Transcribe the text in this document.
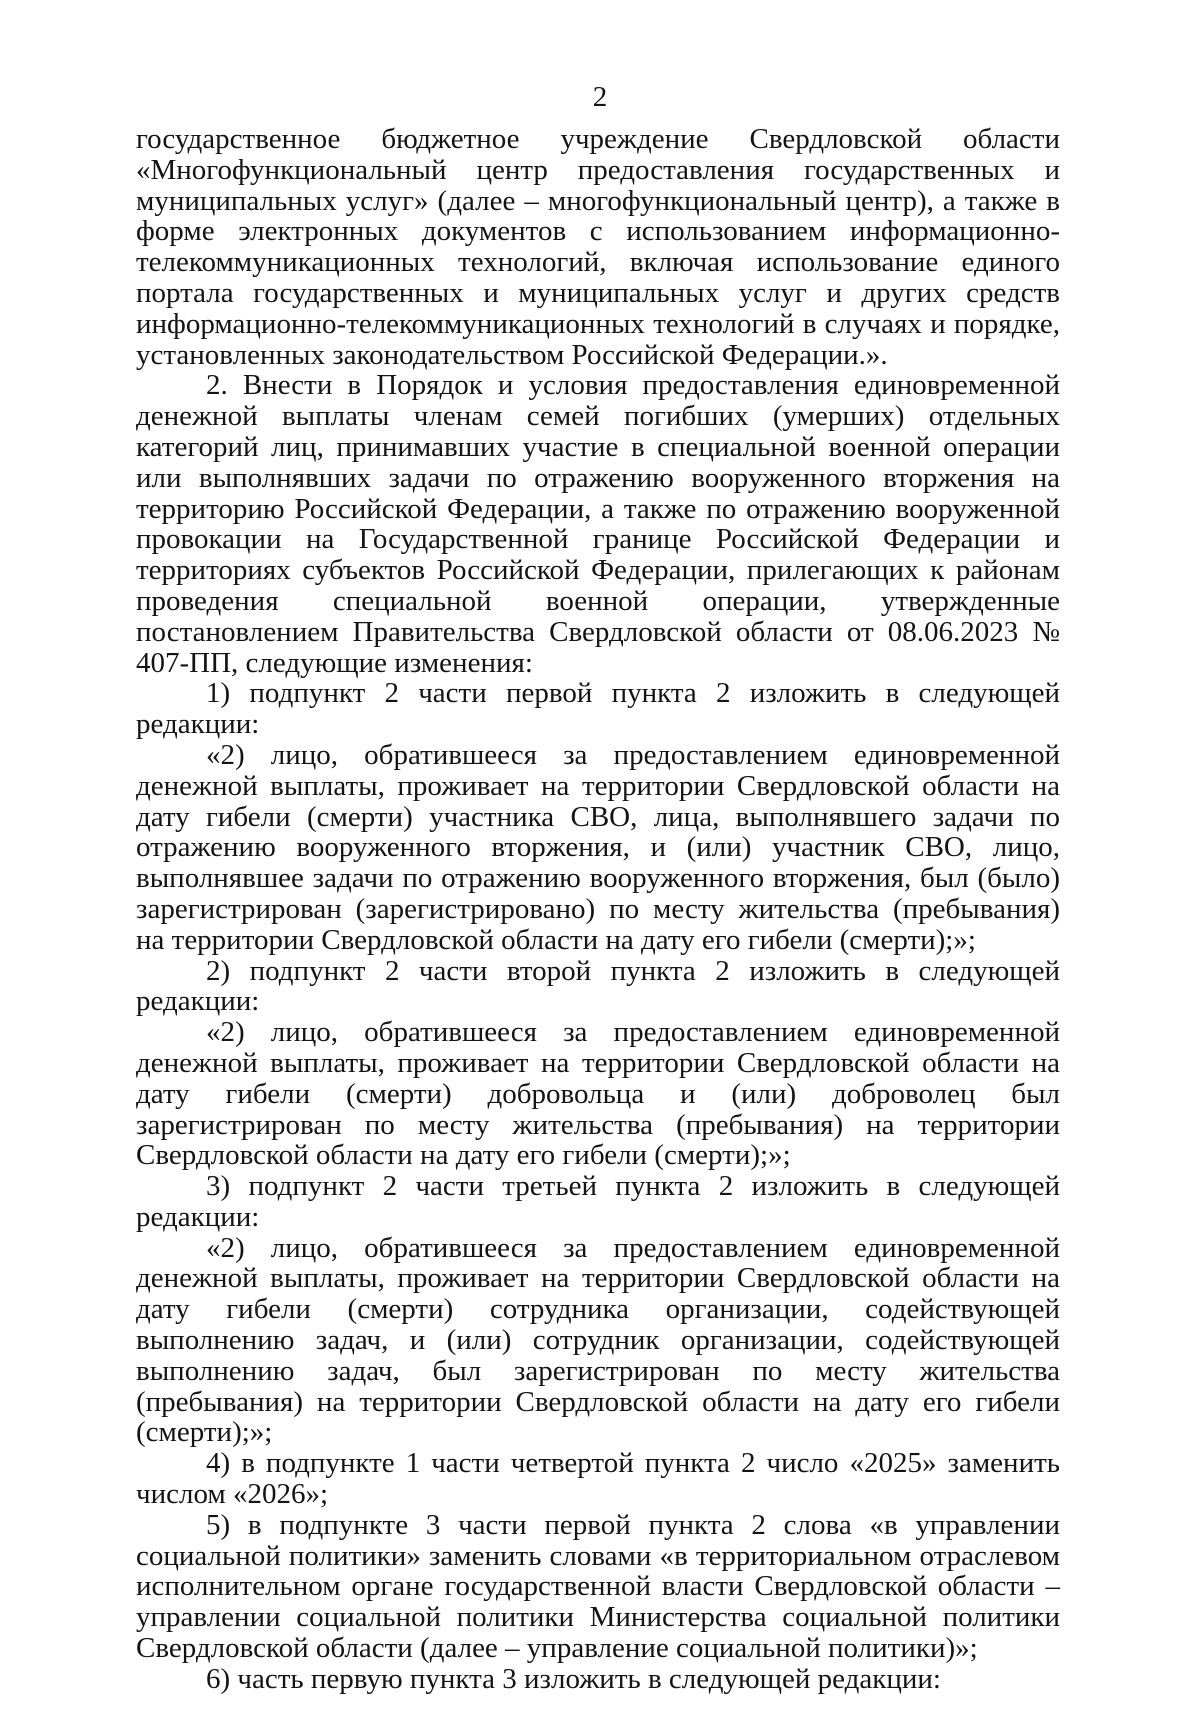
2

государственное бюджетное учреждение Свердловской области «Многофункциональный центр предоставления государственных и муниципальных услуг» (далее – многофункциональный центр), а также в форме электронных документов с использованием информационно-телекоммуникационных технологий, включая использование единого портала государственных и муниципальных услуг и других средств информационно-телекоммуникационных технологий в случаях и порядке, установленных законодательством Российской Федерации.».

2. Внести в Порядок и условия предоставления единовременной денежной выплаты членам семей погибших (умерших) отдельных категорий лиц, принимавших участие в специальной военной операции или выполнявших задачи по отражению вооруженного вторжения на территорию Российской Федерации, а также по отражению вооруженной провокации на Государственной границе Российской Федерации и территориях субъектов Российской Федерации, прилегающих к районам проведения специальной военной операции, утвержденные постановлением Правительства Свердловской области от 08.06.2023 № 407-ПП, следующие изменения:

1) подпункт 2 части первой пункта 2 изложить в следующей редакции:

«2) лицо, обратившееся за предоставлением единовременной денежной выплаты, проживает на территории Свердловской области на дату гибели (смерти) участника СВО, лица, выполнявшего задачи по отражению вооруженного вторжения, и (или) участник СВО, лицо, выполнявшее задачи по отражению вооруженного вторжения, был (было) зарегистрирован (зарегистрировано) по месту жительства (пребывания) на территории Свердловской области на дату его гибели (смерти);»;

2) подпункт 2 части второй пункта 2 изложить в следующей редакции:

«2) лицо, обратившееся за предоставлением единовременной денежной выплаты, проживает на территории Свердловской области на дату гибели (смерти) добровольца и (или) доброволец был зарегистрирован по месту жительства (пребывания) на территории Свердловской области на дату его гибели (смерти);»;

3) подпункт 2 части третьей пункта 2 изложить в следующей редакции:

«2) лицо, обратившееся за предоставлением единовременной денежной выплаты, проживает на территории Свердловской области на дату гибели (смерти) сотрудника организации, содействующей выполнению задач, и (или) сотрудник организации, содействующей выполнению задач, был зарегистрирован по месту жительства (пребывания) на территории Свердловской области на дату его гибели (смерти);»;

4) в подпункте 1 части четвертой пункта 2 число «2025» заменить числом «2026»;

5) в подпункте 3 части первой пункта 2 слова «в управлении социальной политики» заменить словами «в территориальном отраслевом исполнительном органе государственной власти Свердловской области – управлении социальной политики Министерства социальной политики Свердловской области (далее – управление социальной политики)»;

6) часть первую пункта 3 изложить в следующей редакции:
